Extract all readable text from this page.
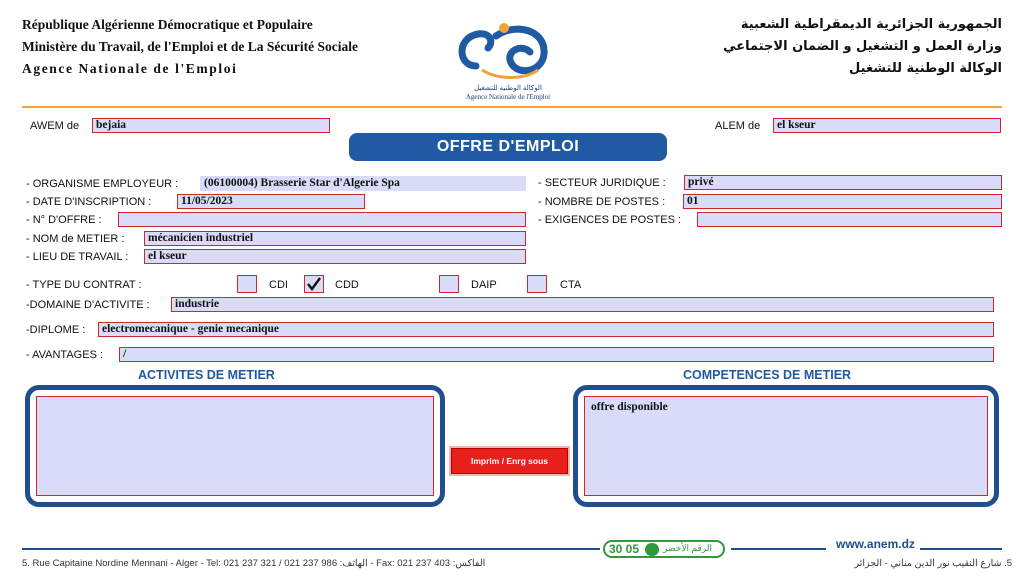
République Algérienne Démocratique et Populaire
Ministère du Travail, de l'Emploi et de La Sécurité Sociale
Agence Nationale de l'Emploi
الوكالة الوطنية للتشغيل
Agence Nationale de l'Emploi
الجمهورية الجزائرية الديمقراطية الشعبية
وزارة العمل و التشغيل و الضمان الاجتماعي
الوكالة الوطنية للتشغيل
AWEM de	bejaia	ALEM de	el kseur
OFFRE D'EMPLOI
- ORGANISME EMPLOYEUR :	(06100004) Brasserie Star d'Algerie Spa
- DATE D'INSCRIPTION :	11/05/2023
- N° D'OFFRE :
- NOM de METIER :	mécanicien industriel
- LIEU DE TRAVAIL :	el kseur
- SECTEUR JURIDIQUE :	privé
- NOMBRE DE POSTES :	01
- EXIGENCES DE POSTES :
- TYPE DU CONTRAT :	CDI	CDD	DAIP	CTA
-DOMAINE D'ACTIVITE :	industrie
-DIPLOME :	electromecanique - genie mecanique
- AVANTAGES :	/
ACTIVITES DE METIER	COMPETENCES DE METIER
offre disponible
Imprim / Enrg sous
30 05	الرقم الأخضر	www.anem.dz
5. Rue Capitaine Nordine Mennani - Alger - Tel: 021 237 321 / 021 237 986 :الهاتف - Fax: 021 237 403 :الفاكس	5. شارع النقيب نور الدين مناني - الجزائر
